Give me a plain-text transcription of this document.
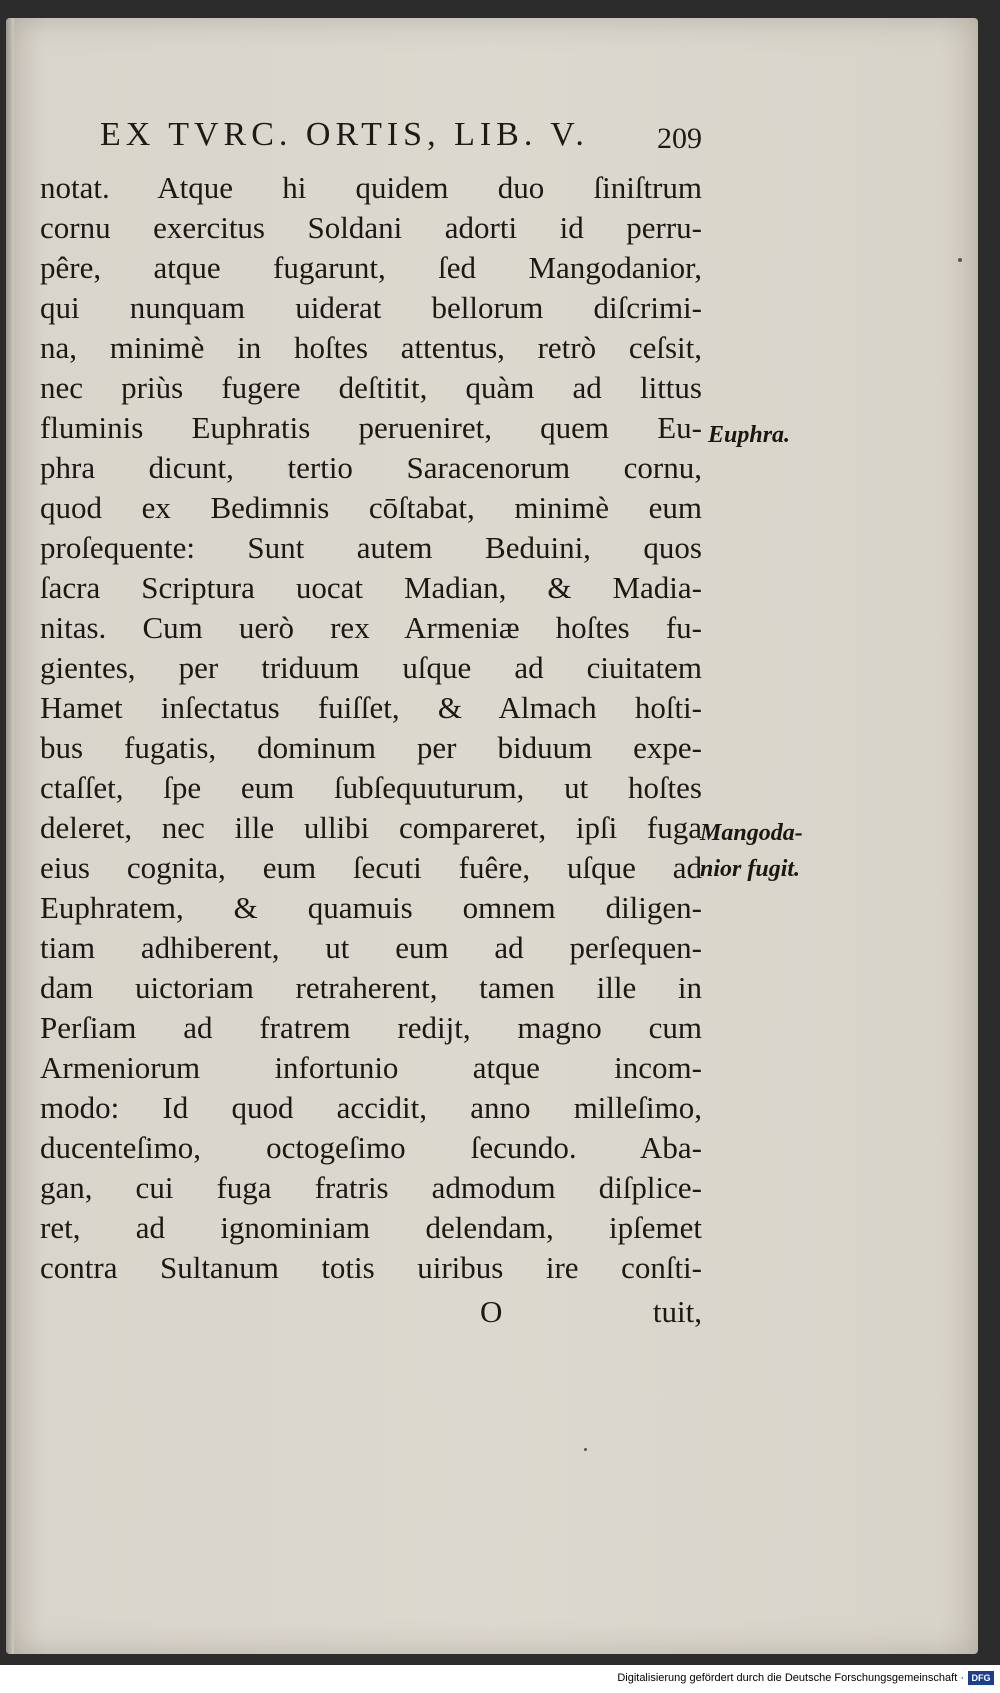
EX TVRC. ORTIS, LIB. V. 209
notat. Atque hi quidem duo ſiniſtrum
cornu exercitus Soldani adorti id perru-
pêre, atque fugarunt, ſed Mangodanior,
qui nunquam uiderat bellorum diſcrimi-
na, minimè in hoſtes attentus, retrò ceſsit,
nec priùs fugere deſtitit, quàm ad littus
fluminis Euphratis perueniret, quem Eu-
phra dicunt, tertio Saracenorum cornu,
quod ex Bedimnis cōſtabat, minimè eum
proſequente: Sunt autem Beduini, quos
ſacra Scriptura uocat Madian, & Madia-
nitas. Cum uerò rex Armeniæ hoſtes fu-
gientes, per triduum uſque ad ciuitatem
Hamet inſectatus fuiſſet, & Almach hoſti-
bus fugatis, dominum per biduum expe-
ctaſſet, ſpe eum ſubſequuturum, ut hoſtes
deleret, nec ille ullibi compareret, ipſi fuga
eius cognita, eum ſecuti fuêre, uſque ad
Euphratem, & quamuis omnem diligen-
tiam adhiberent, ut eum ad perſequen-
dam uictoriam retraherent, tamen ille in
Perſiam ad fratrem rediјt, magno cum
Armeniorum infortunio atque incom-
modo: Id quod accidit, anno milleſimo,
ducenteſimo, octogeſimo ſecundo. Aba-
gan, cui fuga fratris admodum diſplice-
ret, ad ignominiam delendam, ipſemet
contra Sultanum totis uiribus ire conſti-
O	tuit,
Euphra.
Mangoda-
nior fugit.
Digitalisierung gefördert durch die Deutsche Forschungsgemeinschaft · DFG
